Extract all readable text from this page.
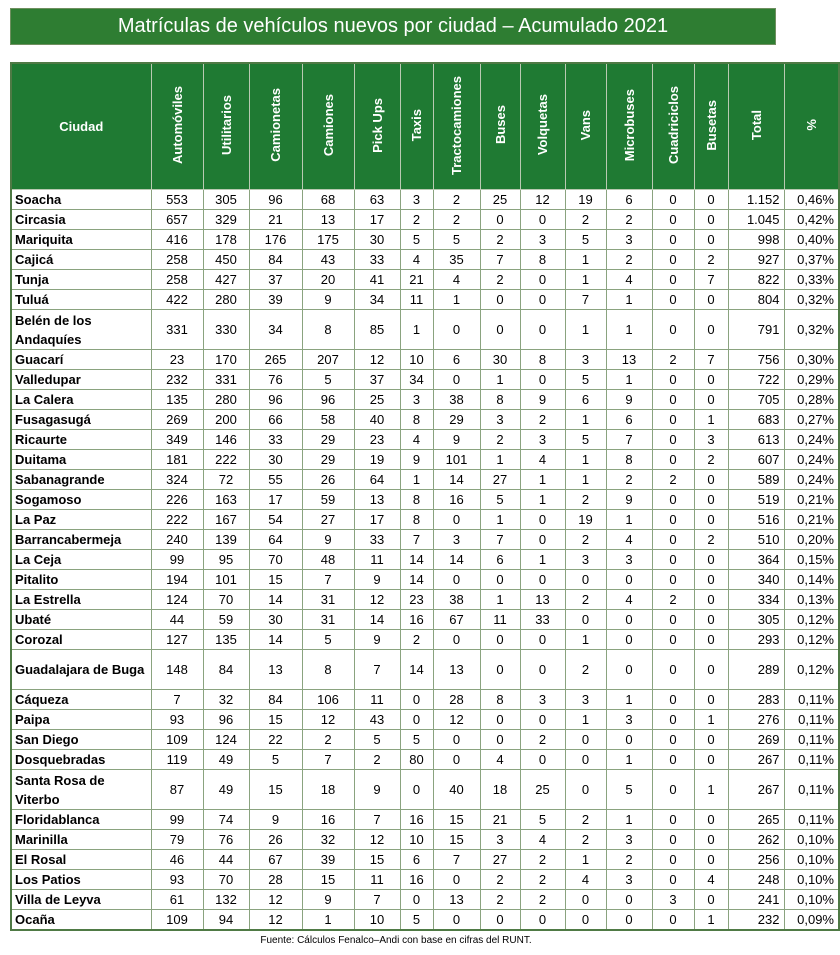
Matrículas de vehículos nuevos por ciudad – Acumulado 2021
Ciudad	Automóviles	Utilitarios	Camionetas	Camiones	Pick Ups	Taxis	Tractocamiones	Buses	Volquetas	Vans	Microbuses	Cuadriciclos	Busetas	Total	%
Soacha	553	305	96	68	63	3	2	25	12	19	6	0	0	1.152	0,46%
Circasia	657	329	21	13	17	2	2	0	0	2	2	0	0	1.045	0,42%
Mariquita	416	178	176	175	30	5	5	2	3	5	3	0	0	998	0,40%
Cajicá	258	450	84	43	33	4	35	7	8	1	2	0	2	927	0,37%
Tunja	258	427	37	20	41	21	4	2	0	1	4	0	7	822	0,33%
Tuluá	422	280	39	9	34	11	1	0	0	7	1	0	0	804	0,32%
Belén de los Andaquíes	331	330	34	8	85	1	0	0	0	1	1	0	0	791	0,32%
Guacarí	23	170	265	207	12	10	6	30	8	3	13	2	7	756	0,30%
Valledupar	232	331	76	5	37	34	0	1	0	5	1	0	0	722	0,29%
La Calera	135	280	96	96	25	3	38	8	9	6	9	0	0	705	0,28%
Fusagasugá	269	200	66	58	40	8	29	3	2	1	6	0	1	683	0,27%
Ricaurte	349	146	33	29	23	4	9	2	3	5	7	0	3	613	0,24%
Duitama	181	222	30	29	19	9	101	1	4	1	8	0	2	607	0,24%
Sabanagrande	324	72	55	26	64	1	14	27	1	1	2	2	0	589	0,24%
Sogamoso	226	163	17	59	13	8	16	5	1	2	9	0	0	519	0,21%
La Paz	222	167	54	27	17	8	0	1	0	19	1	0	0	516	0,21%
Barrancabermeja	240	139	64	9	33	7	3	7	0	2	4	0	2	510	0,20%
La Ceja	99	95	70	48	11	14	14	6	1	3	3	0	0	364	0,15%
Pitalito	194	101	15	7	9	14	0	0	0	0	0	0	0	340	0,14%
La Estrella	124	70	14	31	12	23	38	1	13	2	4	2	0	334	0,13%
Ubaté	44	59	30	31	14	16	67	11	33	0	0	0	0	305	0,12%
Corozal	127	135	14	5	9	2	0	0	0	1	0	0	0	293	0,12%
Guadalajara de Buga	148	84	13	8	7	14	13	0	0	2	0	0	0	289	0,12%
Cáqueza	7	32	84	106	11	0	28	8	3	3	1	0	0	283	0,11%
Paipa	93	96	15	12	43	0	12	0	0	1	3	0	1	276	0,11%
San Diego	109	124	22	2	5	5	0	0	2	0	0	0	0	269	0,11%
Dosquebradas	119	49	5	7	2	80	0	4	0	0	1	0	0	267	0,11%
Santa Rosa de Viterbo	87	49	15	18	9	0	40	18	25	0	5	0	1	267	0,11%
Floridablanca	99	74	9	16	7	16	15	21	5	2	1	0	0	265	0,11%
Marinilla	79	76	26	32	12	10	15	3	4	2	3	0	0	262	0,10%
El Rosal	46	44	67	39	15	6	7	27	2	1	2	0	0	256	0,10%
Los Patios	93	70	28	15	11	16	0	2	2	4	3	0	4	248	0,10%
Villa de Leyva	61	132	12	9	7	0	13	2	2	0	0	3	0	241	0,10%
Ocaña	109	94	12	1	10	5	0	0	0	0	0	0	1	232	0,09%
Fuente: Cálculos Fenalco–Andi con base en cifras del RUNT.
